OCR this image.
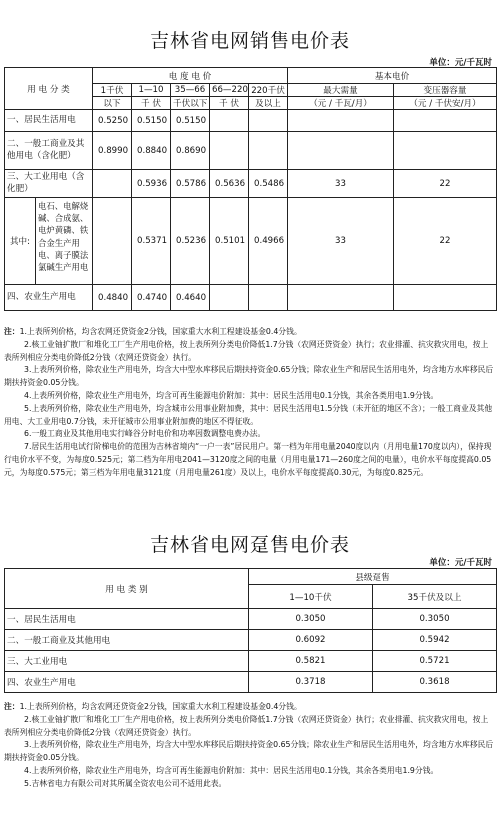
吉林省电网销售电价表
单位：元/千瓦时
用 电 分 类	电 度 电 价					基本电价	
	1千伏	1—10	35—66	66—220	220千伏	最大需量	变压器容量
	以下	千 伏	千伏以下	千 伏	及以上	（元 / 千瓦/月）	（元 / 千伏安/月）
一、居民生活用电	0.5250	0.5150	0.5150				
二、一般工商业及其他用电（含化肥）	0.8990	0.8840	0.8690				
三、大工业用电（含化肥）		0.5936	0.5786	0.5636	0.5486	33	22

其中:
电石、电解烧碱、合成氨、电炉黄磷、铁合金生产用电、离子膜法氯碱生产用电		0.5371	0.5236	0.5101	0.4966	33	22
四、农业生产用电	0.4840	0.4740	0.4640				

注：1.上表所列价格，均含农网还贷资金2分钱，国家重大水利工程建设基金0.4分钱。

2.核工业铀扩散厂和堆化工厂生产用电价格，按上表所列分类电价降低1.7分钱（农网还贷资金）执行；农业排灌、抗灾救灾用电，按上表所列相应分类电价降低2分钱（农网还贷资金）执行。

3.上表所列价格，除农业生产用电外，均含大中型水库移民后期扶持资金0.65分钱；除农业生产和居民生活用电外，均含地方水库移民后期扶持资金0.05分钱。

4.上表所列价格，除农业生产用电外，均含可再生能源电价附加：其中：居民生活用电0.1分钱，其余各类用电1.9分钱。

5.上表所列价格，除农业生产用电外，均含城市公用事业附加费，其中：居民生活用电1.5分钱（未开征的地区不含）；一般工商业及其他用电、大工业用电0.7分钱，未开征城市公用事业附加费的地区不得征收。

6.一般工商业及其他用电实行峰谷分时电价和功率因数调整电费办法。

7.居民生活用电试行阶梯电价的范围为吉林省境内“一户一表”居民用户。第一档为年用电量2040度以内（月用电量170度以内），保持现行电价水平不变，为每度0.525元；第二档为年用电2041—3120度之间的电量（月用电量171—260度之间的电量），电价水平每度提高0.05元，为每度0.575元；第三档为年用电量3121度（月用电量261度）及以上，电价水平每度提高0.30元，为每度0.825元。

吉林省电网趸售电价表
单位：元/千瓦时
用 电 类 别	县级趸售	
	1—10千伏	35千伏及以上
一、居民生活用电	0.3050	0.3050
二、一般工商业及其他用电	0.6092	0.5942
三、大工业用电	0.5821	0.5721
四、农业生产用电	0.3718	0.3618

注：1.上表所列价格，均含农网还贷资金2分钱，国家重大水利工程建设基金0.4分钱。

2.核工业铀扩散厂和堆化工厂生产用电价格，按上表所列分类电价降低1.7分钱（农网还贷资金）执行；农业排灌、抗灾救灾用电，按上表所列相应分类电价降低2分钱（农网还贷资金）执行。

3.上表所列价格，除农业生产用电外，均含大中型水库移民后期扶持资金0.65分钱；除农业生产和居民生活用电外，均含地方水库移民后期扶持资金0.05分钱。

4.上表所列价格，除农业生产用电外，均含可再生能源电价附加：其中：居民生活用电0.1分钱，其余各类用电1.9分钱。

5.吉林省电力有限公司对其所属全资农电公司不适用此表。
